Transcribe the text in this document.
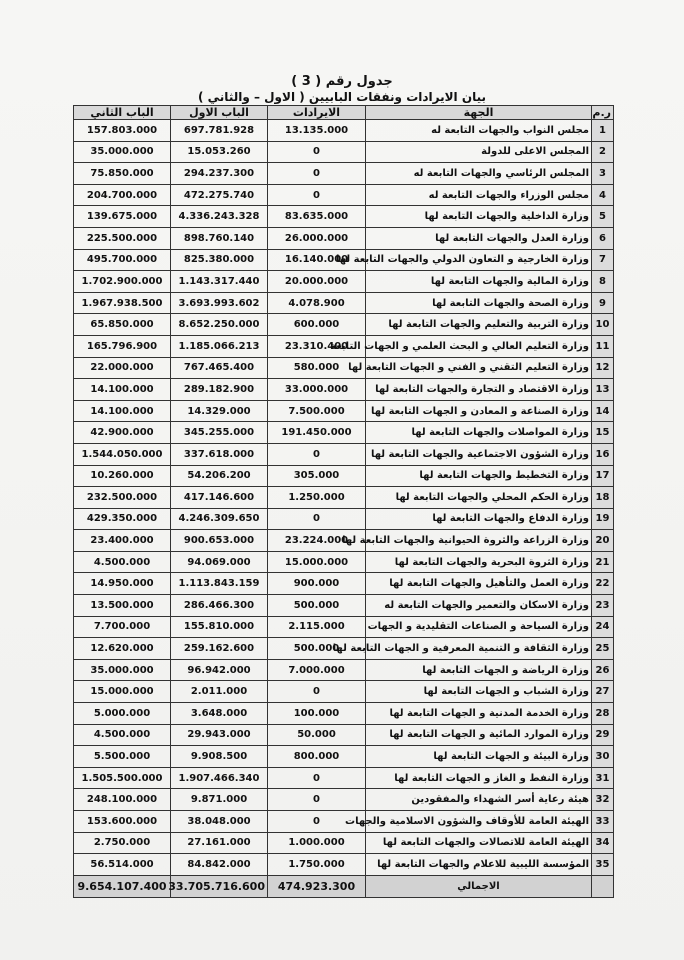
جدول رقم ( 3 )
بيان الايرادات ونفقات البابيين ( الاول – والثاني )
ر.م	الجهة	الايرادات	الباب الاول	الباب الثاني
1	مجلس النواب والجهات التابعة له	13.135.000	697.781.928	157.803.000
2	المجلس الاعلى للدولة	0	15.053.260	35.000.000
3	المجلس الرئاسي والجهات التابعة له	0	294.237.300	75.850.000
4	مجلس الوزراء والجهات التابعة له	0	472.275.740	204.700.000
5	وزارة الداخلية والجهات التابعة لها	83.635.000	4.336.243.328	139.675.000
6	وزارة العدل والجهات التابعة لها	26.000.000	898.760.140	225.500.000
7	وزارة الخارجية و التعاون الدولي والجهات التابعة لها	16.140.000	825.380.000	495.700.000
8	وزارة المالية والجهات التابعة لها	20.000.000	1.143.317.440	1.702.900.000
9	وزارة الصحة والجهات التابعة لها	4.078.900	3.693.993.602	1.967.938.500
10	وزارة التربية والتعليم والجهات التابعة لها	600.000	8.652.250.000	65.850.000
11	وزارة التعليم العالي و البحث العلمي و الجهات التابعة	23.310.400	1.185.066.213	165.796.900
12	وزارة التعليم التقني و الفني و الجهات التابعة لها	580.000	767.465.400	22.000.000
13	وزارة الاقتصاد و التجارة والجهات التابعة لها	33.000.000	289.182.900	14.100.000
14	وزارة الصناعة و المعادن و الجهات التابعة لها	7.500.000	14.329.000	14.100.000
15	وزارة المواصلات والجهات التابعة لها	191.450.000	345.255.000	42.900.000
16	وزارة الشؤون الاجتماعية والجهات التابعة لها	0	337.618.000	1.544.050.000
17	وزارة التخطيط والجهات التابعة لها	305.000	54.206.200	10.260.000
18	وزارة الحكم المحلي والجهات التابعة لها	1.250.000	417.146.600	232.500.000
19	وزارة الدفاع والجهات التابعة لها	0	4.246.309.650	429.350.000
20	وزارة الزراعة والثروة الحيوانية والجهات التابعة لها	23.224.000	900.653.000	23.400.000
21	وزارة الثروة البحرية والجهات التابعة لها	15.000.000	94.069.000	4.500.000
22	وزارة العمل والتأهيل والجهات التابعة لها	900.000	1.113.843.159	14.950.000
23	وزارة الاسكان والتعمير والجهات التابعة له	500.000	286.466.300	13.500.000
24	وزارة السياحة و الصناعات التقليدية و الجهات	2.115.000	155.810.000	7.700.000
25	وزارة الثقافة و التنمية المعرفية و الجهات التابعة لها	500.000	259.162.600	12.620.000
26	وزارة الرياضة و الجهات التابعة لها	7.000.000	96.942.000	35.000.000
27	وزارة الشباب و الجهات التابعة لها	0	2.011.000	15.000.000
28	وزارة الخدمة المدنية و الجهات التابعة لها	100.000	3.648.000	5.000.000
29	وزارة الموارد المائية و الجهات التابعة لها	50.000	29.943.000	4.500.000
30	وزارة البيئة و الجهات التابعة لها	800.000	9.908.500	5.500.000
31	وزارة النفط و الغاز و الجهات التابعة لها	0	1.907.466.340	1.505.500.000
32	هيئة رعاية أسر الشهداء والمفقودين	0	9.871.000	248.100.000
33	الهيئة العامة للأوقاف والشؤون الاسلامية والجهات	0	38.048.000	153.600.000
34	الهيئة العامة للاتصالات والجهات التابعة لها	1.000.000	27.161.000	2.750.000
35	المؤسسة الليبية للاعلام والجهات التابعة لها	1.750.000	84.842.000	56.514.000
	الاجمالي	474.923.300	33.705.716.600	9.654.107.400
